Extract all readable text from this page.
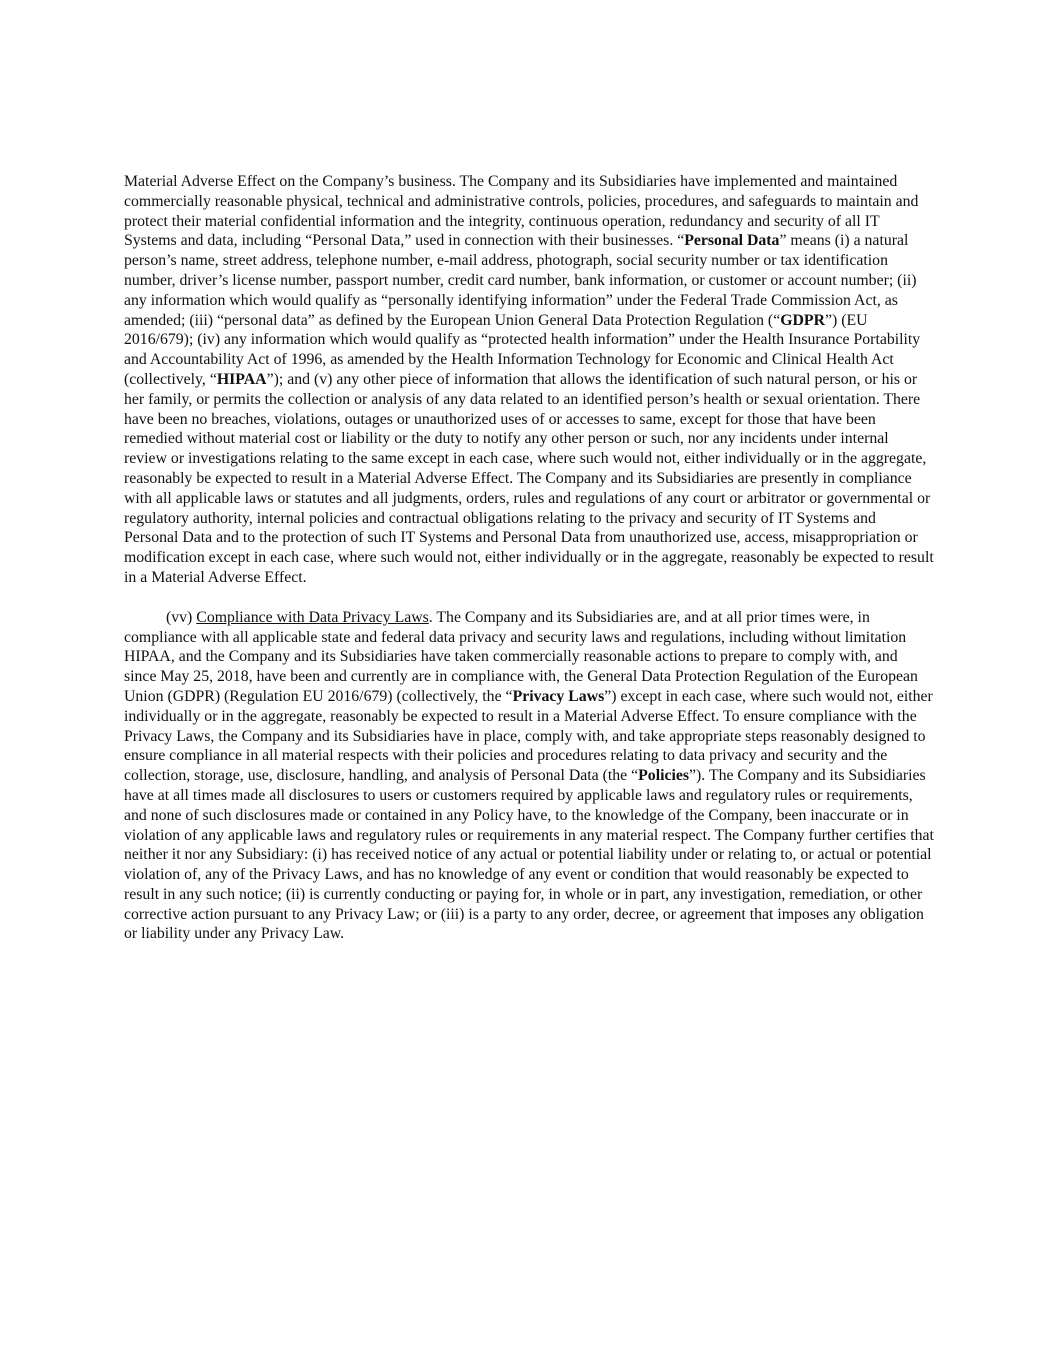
Material Adverse Effect on the Company’s business. The Company and its Subsidiaries have implemented and maintained commercially reasonable physical, technical and administrative controls, policies, procedures, and safeguards to maintain and protect their material confidential information and the integrity, continuous operation, redundancy and security of all IT Systems and data, including “Personal Data,” used in connection with their businesses. “Personal Data” means (i) a natural person’s name, street address, telephone number, e-mail address, photograph, social security number or tax identification number, driver’s license number, passport number, credit card number, bank information, or customer or account number; (ii) any information which would qualify as “personally identifying information” under the Federal Trade Commission Act, as amended; (iii) “personal data” as defined by the European Union General Data Protection Regulation (“GDPR”) (EU 2016/679); (iv) any information which would qualify as “protected health information” under the Health Insurance Portability and Accountability Act of 1996, as amended by the Health Information Technology for Economic and Clinical Health Act (collectively, “HIPAA”); and (v) any other piece of information that allows the identification of such natural person, or his or her family, or permits the collection or analysis of any data related to an identified person’s health or sexual orientation. There have been no breaches, violations, outages or unauthorized uses of or accesses to same, except for those that have been remedied without material cost or liability or the duty to notify any other person or such, nor any incidents under internal review or investigations relating to the same except in each case, where such would not, either individually or in the aggregate, reasonably be expected to result in a Material Adverse Effect. The Company and its Subsidiaries are presently in compliance with all applicable laws or statutes and all judgments, orders, rules and regulations of any court or arbitrator or governmental or regulatory authority, internal policies and contractual obligations relating to the privacy and security of IT Systems and Personal Data and to the protection of such IT Systems and Personal Data from unauthorized use, access, misappropriation or modification except in each case, where such would not, either individually or in the aggregate, reasonably be expected to result in a Material Adverse Effect.

(vv) Compliance with Data Privacy Laws. The Company and its Subsidiaries are, and at all prior times were, in compliance with all applicable state and federal data privacy and security laws and regulations, including without limitation HIPAA, and the Company and its Subsidiaries have taken commercially reasonable actions to prepare to comply with, and since May 25, 2018, have been and currently are in compliance with, the General Data Protection Regulation of the European Union (GDPR) (Regulation EU 2016/679) (collectively, the “Privacy Laws”) except in each case, where such would not, either individually or in the aggregate, reasonably be expected to result in a Material Adverse Effect. To ensure compliance with the Privacy Laws, the Company and its Subsidiaries have in place, comply with, and take appropriate steps reasonably designed to ensure compliance in all material respects with their policies and procedures relating to data privacy and security and the collection, storage, use, disclosure, handling, and analysis of Personal Data (the “Policies”). The Company and its Subsidiaries have at all times made all disclosures to users or customers required by applicable laws and regulatory rules or requirements, and none of such disclosures made or contained in any Policy have, to the knowledge of the Company, been inaccurate or in violation of any applicable laws and regulatory rules or requirements in any material respect. The Company further certifies that neither it nor any Subsidiary: (i) has received notice of any actual or potential liability under or relating to, or actual or potential violation of, any of the Privacy Laws, and has no knowledge of any event or condition that would reasonably be expected to result in any such notice; (ii) is currently conducting or paying for, in whole or in part, any investigation, remediation, or other corrective action pursuant to any Privacy Law; or (iii) is a party to any order, decree, or agreement that imposes any obligation or liability under any Privacy Law.
